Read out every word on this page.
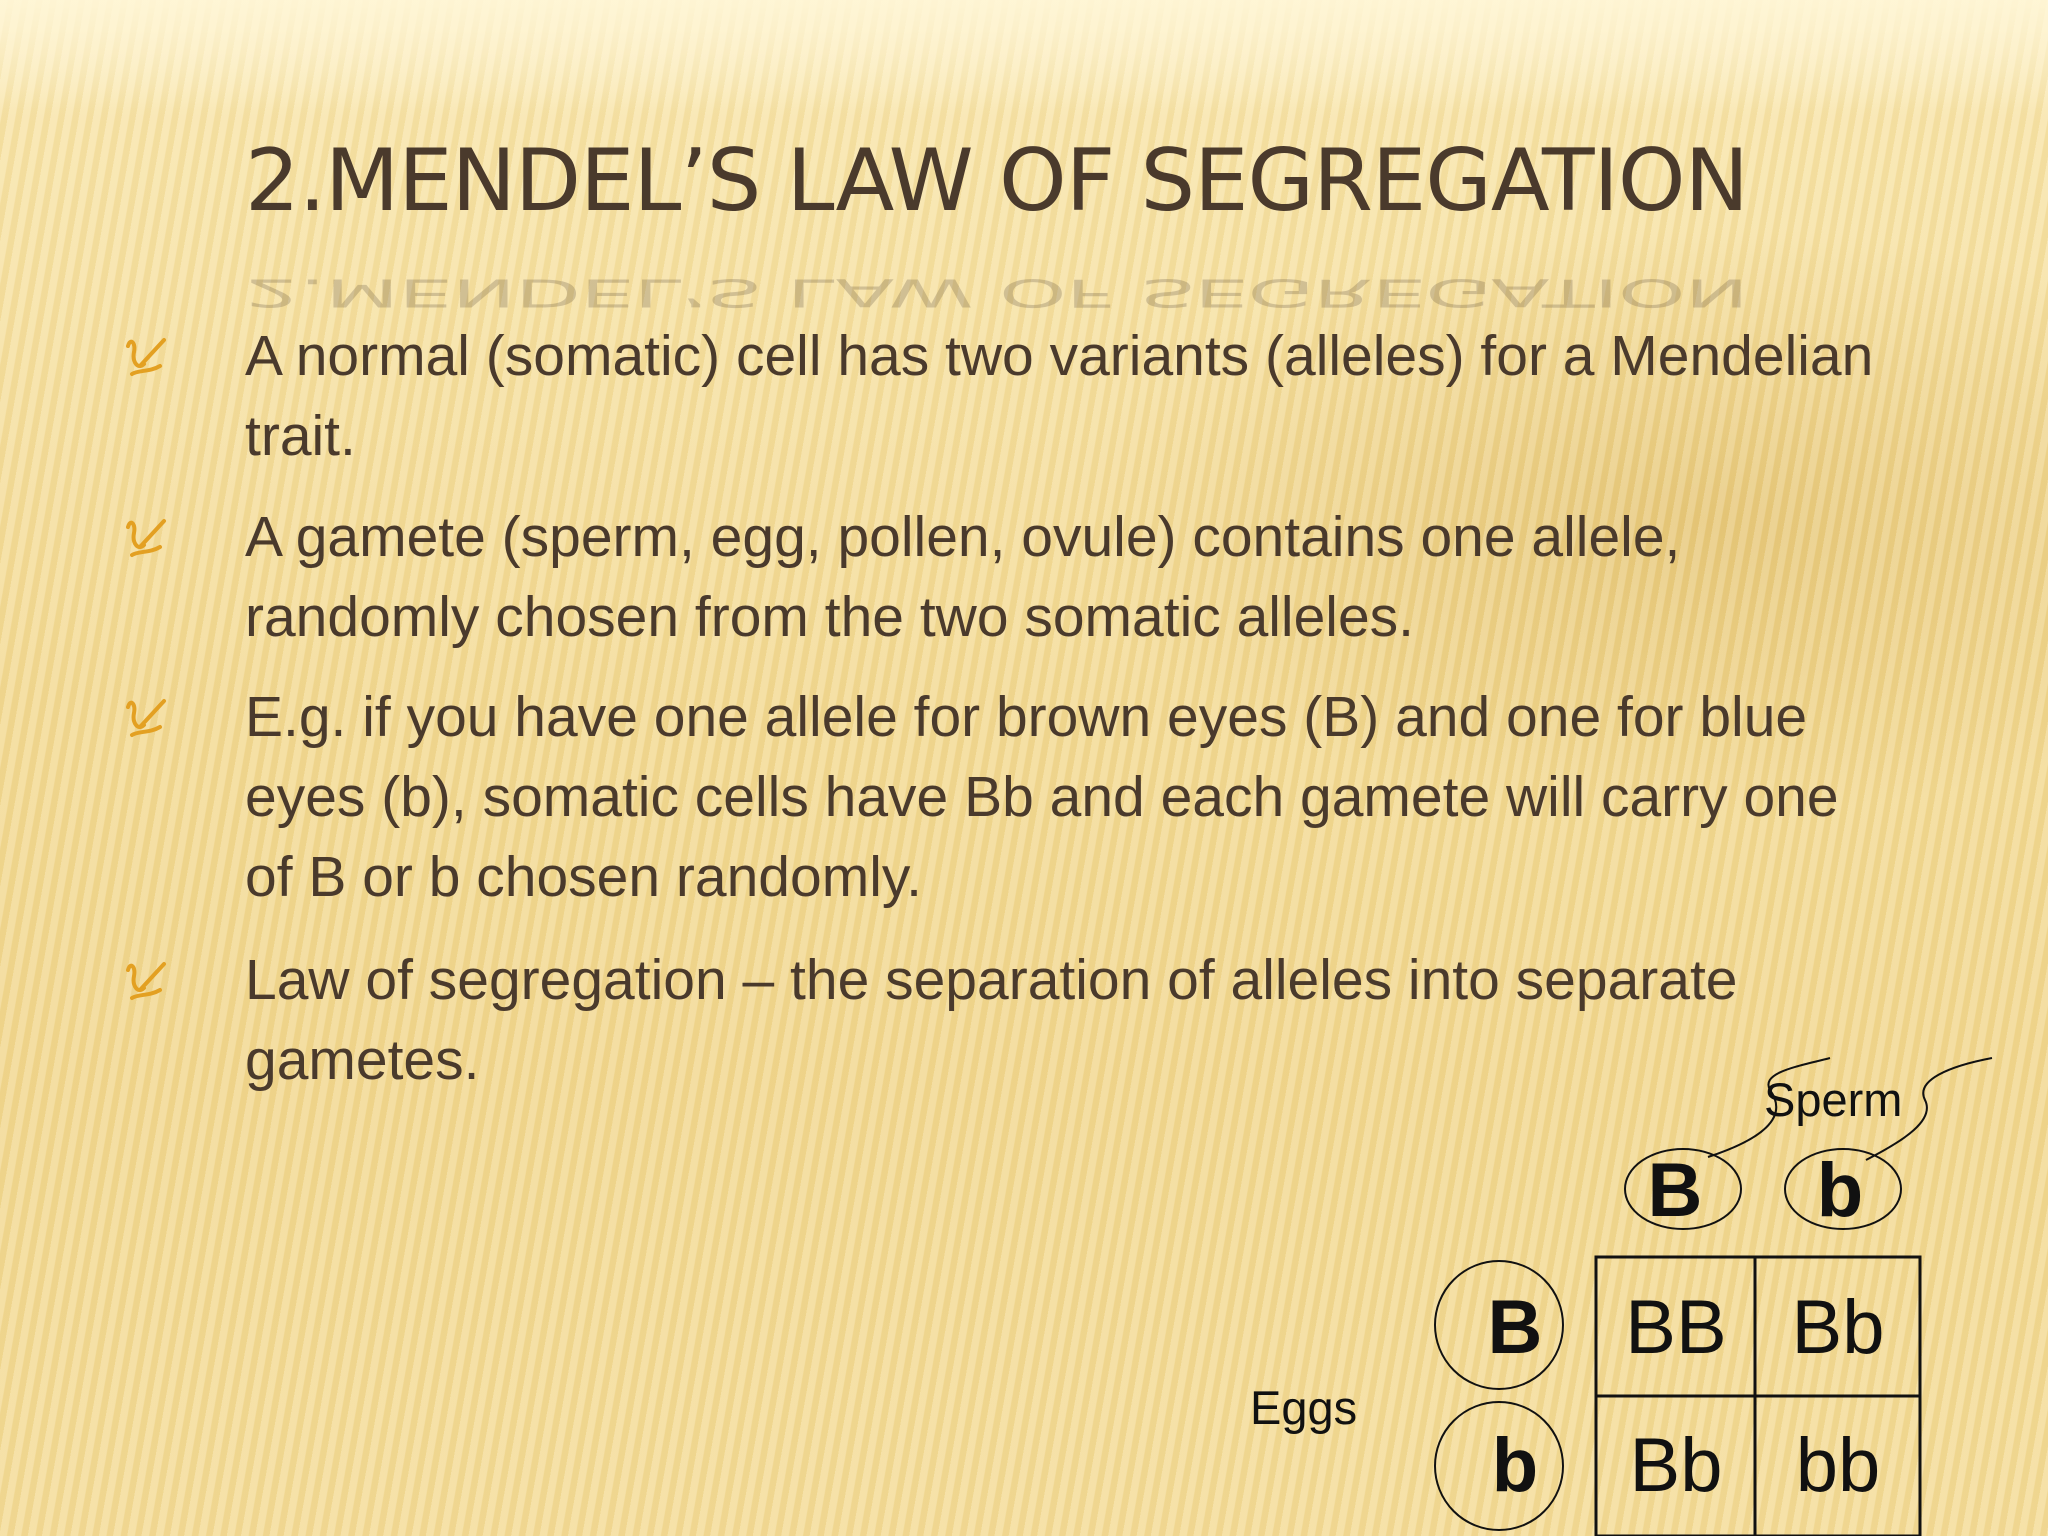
2.MENDEL’S LAW OF SEGREGATION
2.MENDEL’S LAW OF SEGREGATION
A normal (somatic) cell has two variants (alleles) for a Mendelian trait.
A gamete (sperm, egg, pollen, ovule) contains one allele, randomly chosen from the two somatic alleles.
E.g. if you have one allele for brown eyes (B) and one for blue eyes (b), somatic cells have Bb and each gamete will carry one of B or b chosen randomly.
Law of segregation – the separation of alleles into separate gametes.
Sperm
Eggs
B b
B
b
BB Bb
Bb bb
